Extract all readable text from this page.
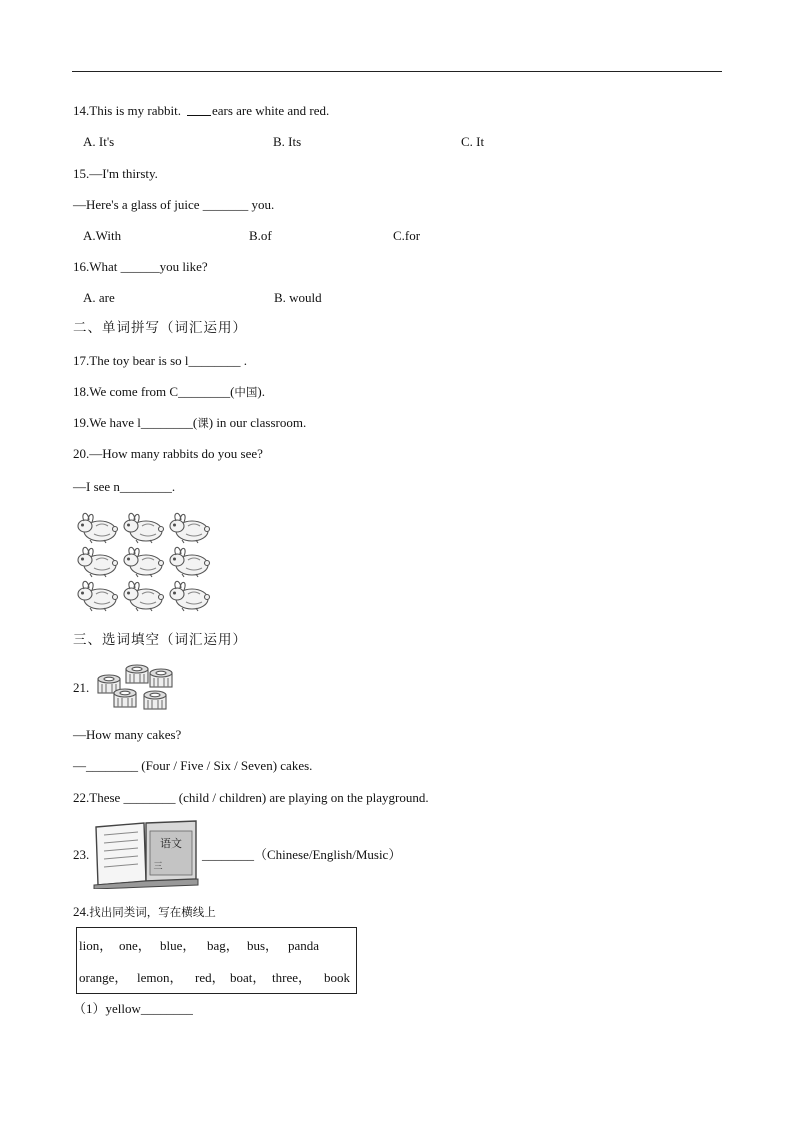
14.This is my rabbit. ears are white and red.
A. It's	B. Its	C. It
15.—I'm thirsty.
—Here's a glass of juice _______ you.
A.With	B.of	C.for
16.What ______you like?
A. are	B. would
二、单词拼写（词汇运用）
17.The toy bear is so l________ .
18.We come from C________(中国).
19.We have l________(课) in our classroom.
20.—How many rabbits do you see?
—I see n________.
三、选词填空（词汇运用）
21.
—How many cakes?
—________ (Four / Five / Six / Seven) cakes.
22.These ________ (child / children) are playing on the playground.
23.
语文
三
________（Chinese/English/Music）
24.找出同类词，写在横线上
lion， one， blue， bag， bus， panda
orange， lemon， red， boat， three， book
（1）yellow________
